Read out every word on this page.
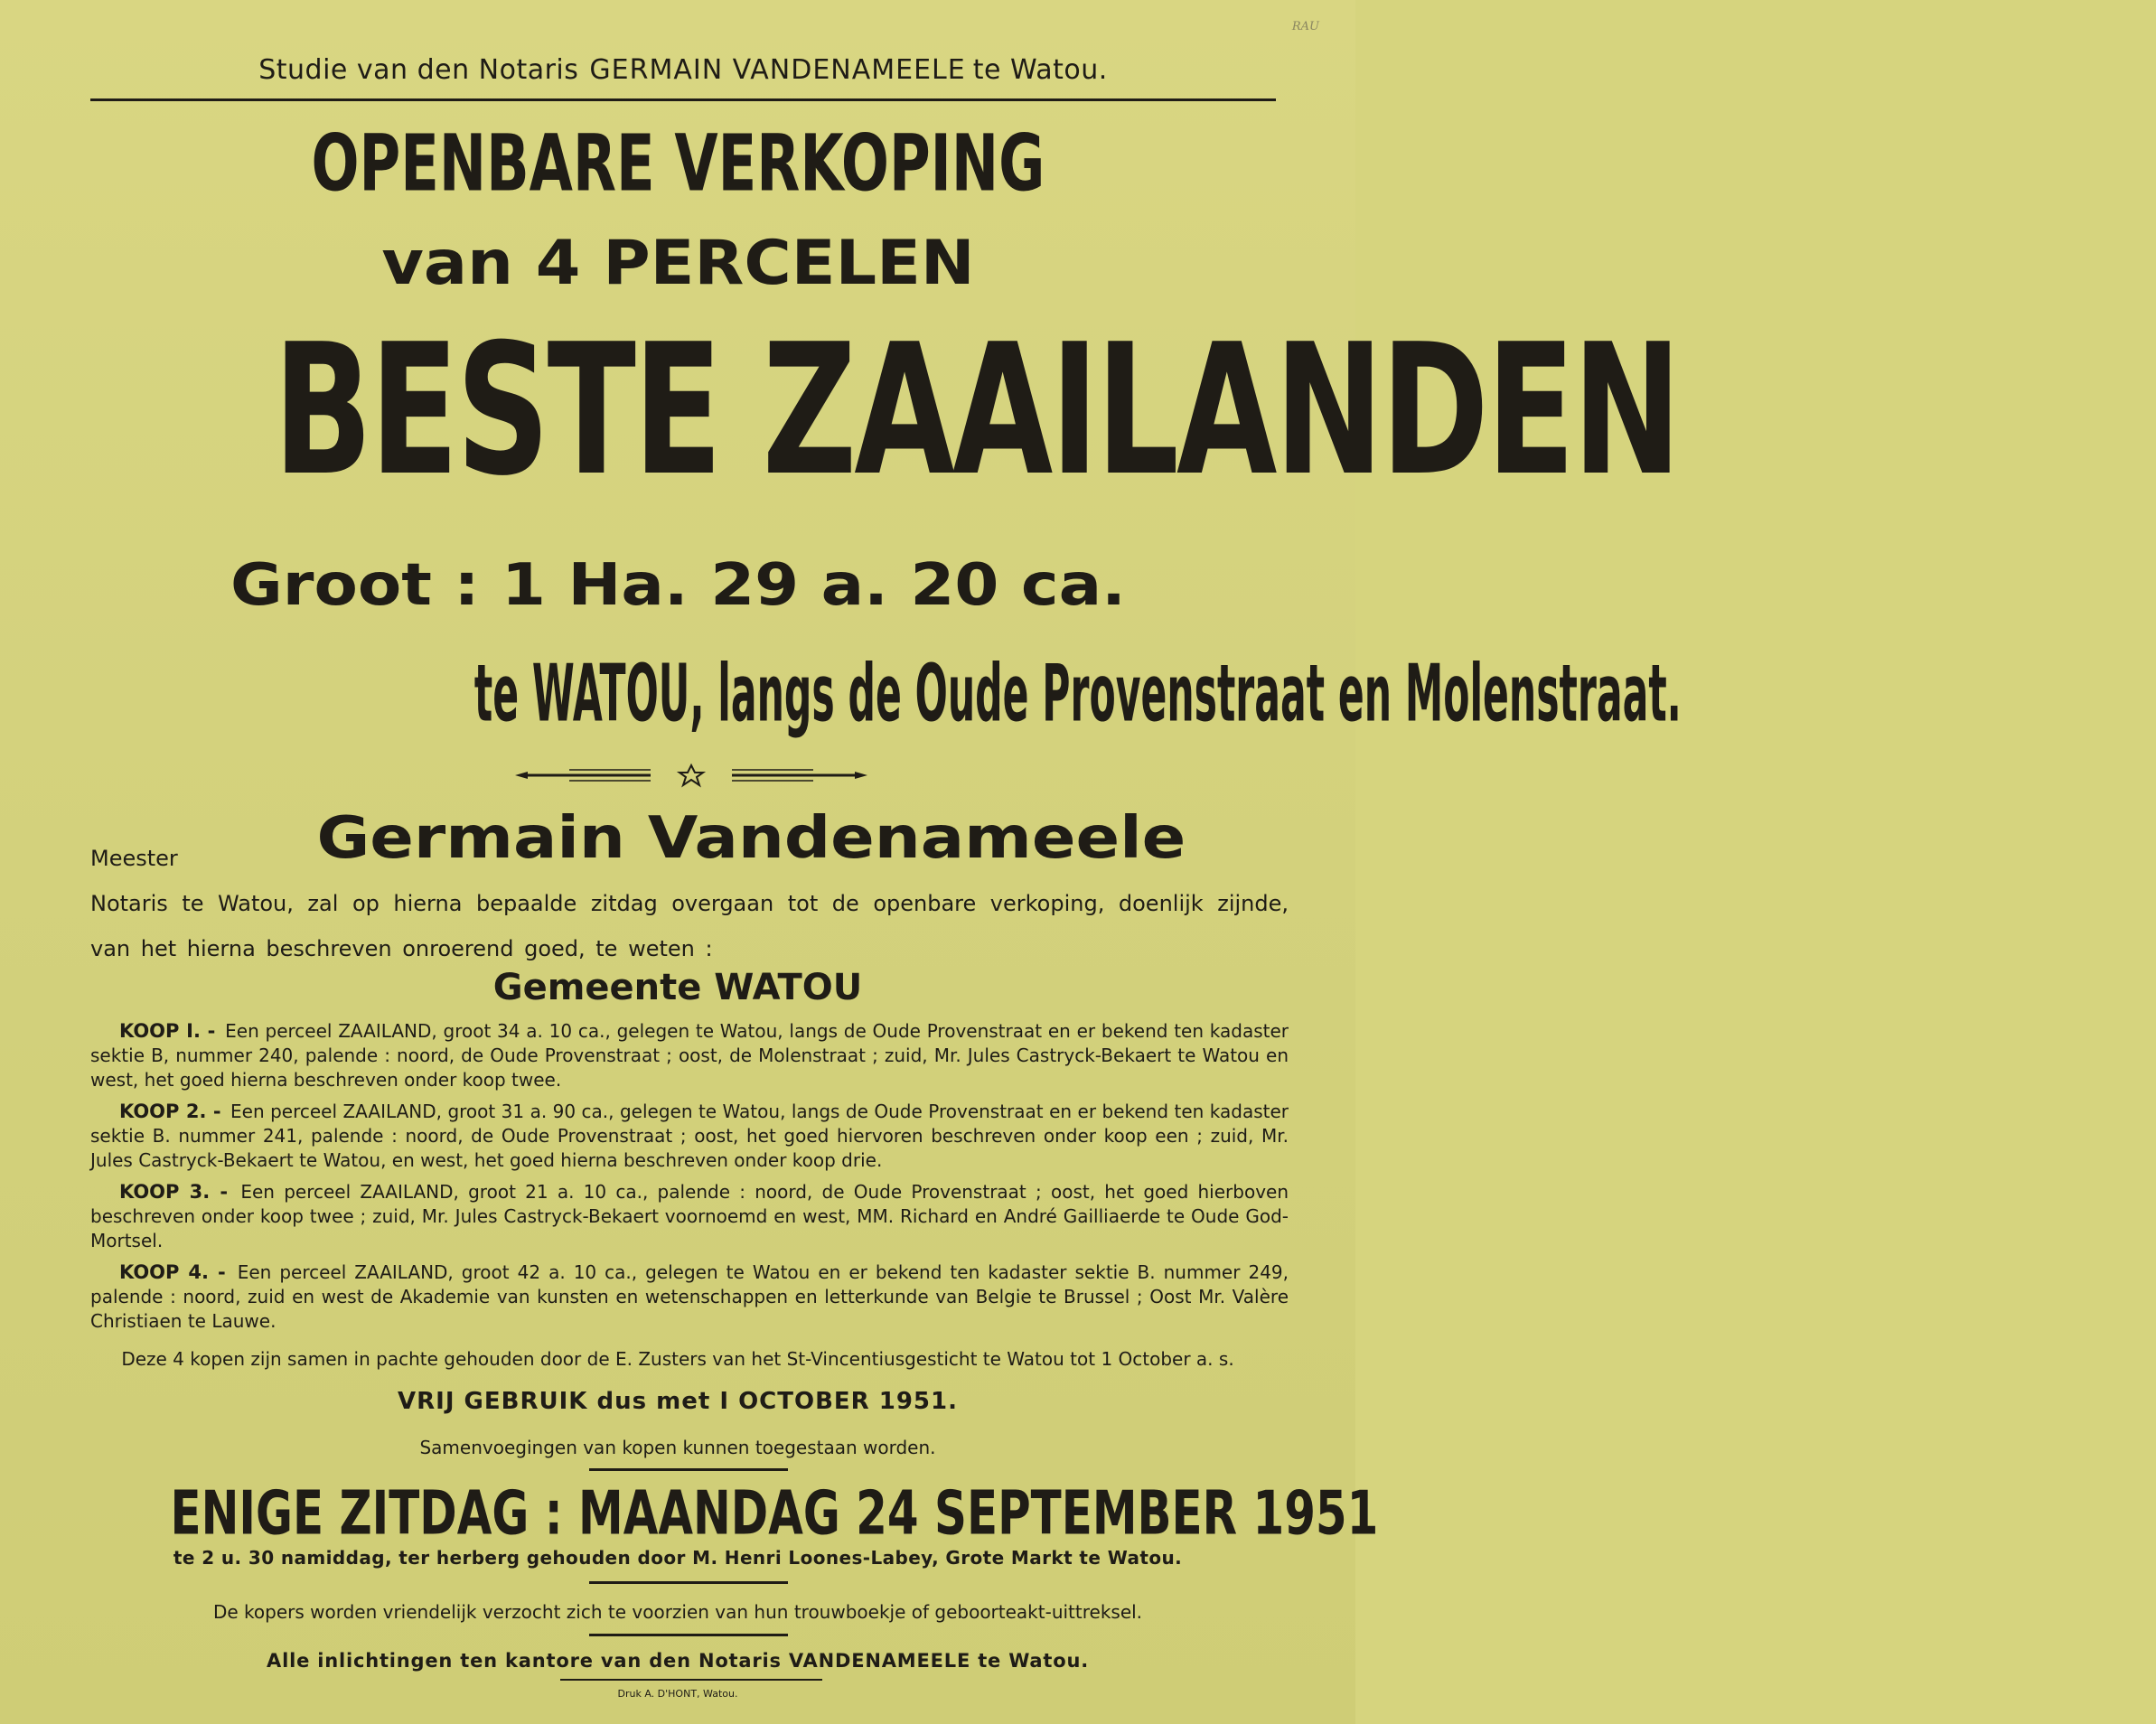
RAU
Studie van den Notaris GERMAIN VANDENAMEELE te Watou.
OPENBARE VERKOPING
van 4 PERCELEN
BESTE ZAAILANDEN
Groot : 1 Ha. 29 a. 20 ca.
te WATOU, langs de Oude Provenstraat en Molenstraat.
Meester	Germain Vandenameele
Notaris te Watou, zal op hierna bepaalde zitdag overgaan tot de openbare verkoping, doenlijk zijnde, van het hierna beschreven onroerend goed, te weten :
Gemeente WATOU
KOOP I. - Een perceel ZAAILAND, groot 34 a. 10 ca., gelegen te Watou, langs de Oude Provenstraat en er bekend ten kadaster sektie B, nummer 240, palende : noord, de Oude Provenstraat ; oost, de Molenstraat ; zuid, Mr. Jules Castryck-Bekaert te Watou en west, het goed hierna beschreven onder koop twee.
KOOP 2. - Een perceel ZAAILAND, groot 31 a. 90 ca., gelegen te Watou, langs de Oude Provenstraat en er bekend ten kadaster sektie B. nummer 241, palende : noord, de Oude Provenstraat ; oost, het goed hiervoren beschreven onder koop een ; zuid, Mr. Jules Castryck-Bekaert te Watou, en west, het goed hierna beschreven onder koop drie.
KOOP 3. - Een perceel ZAAILAND, groot 21 a. 10 ca., palende : noord, de Oude Provenstraat ; oost, het goed hierboven beschreven onder koop twee ; zuid, Mr. Jules Castryck-Bekaert voornoemd en west, MM. Richard en André Gailliaerde te Oude God-Mortsel.
KOOP 4. - Een perceel ZAAILAND, groot 42 a. 10 ca., gelegen te Watou en er bekend ten kadaster sektie B. nummer 249, palende : noord, zuid en west de Akademie van kunsten en wetenschappen en letterkunde van Belgie te Brussel ; Oost Mr. Valère Christiaen te Lauwe.
Deze 4 kopen zijn samen in pachte gehouden door de E. Zusters van het St-Vincentiusgesticht te Watou tot 1 October a. s.
VRIJ GEBRUIK dus met I OCTOBER 1951.
Samenvoegingen van kopen kunnen toegestaan worden.
ENIGE ZITDAG : MAANDAG 24 SEPTEMBER 1951
te 2 u. 30 namiddag, ter herberg gehouden door M. Henri Loones-Labey, Grote Markt te Watou.
De kopers worden vriendelijk verzocht zich te voorzien van hun trouwboekje of geboorteakt-uittreksel.
Alle inlichtingen ten kantore van den Notaris VANDENAMEELE te Watou.
Druk A. D'HONT, Watou.
